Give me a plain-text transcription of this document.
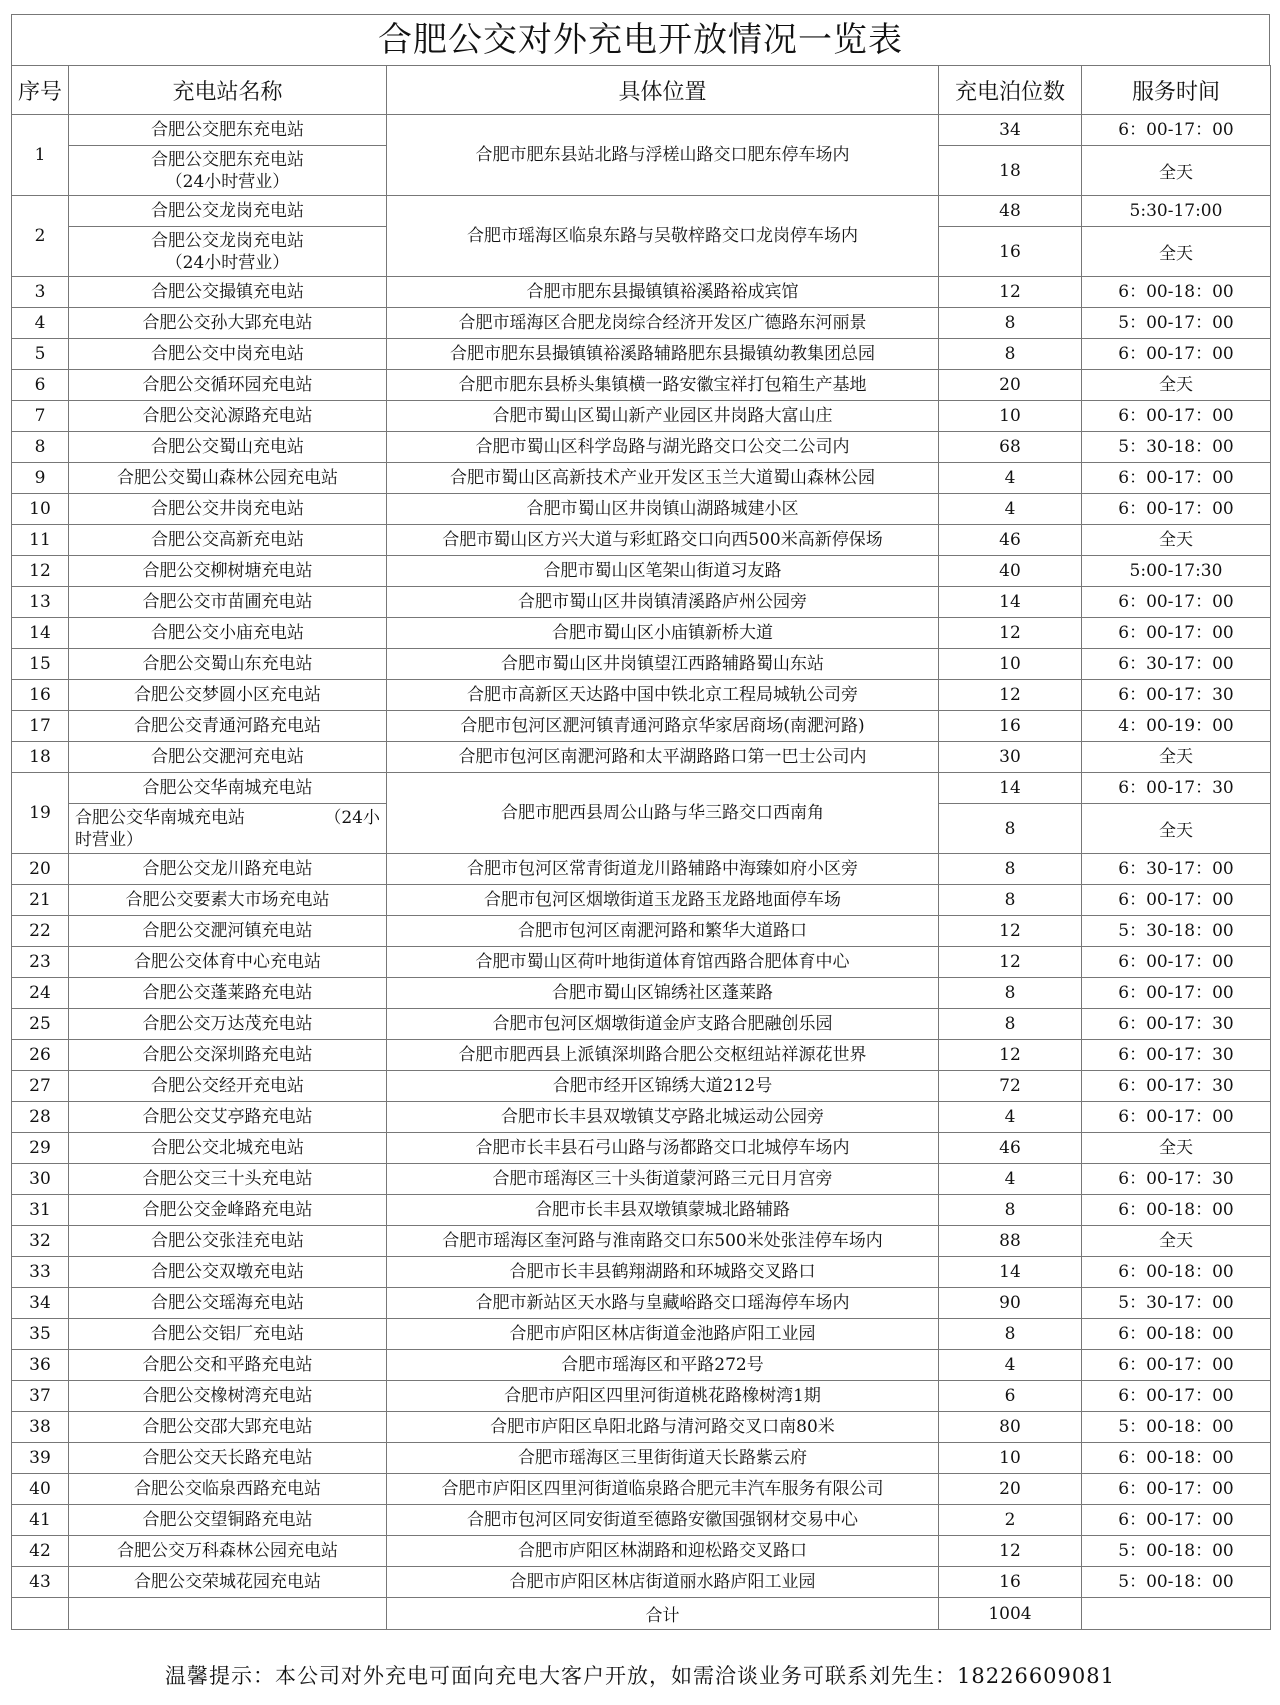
合肥公交对外充电开放情况一览表
序号	充电站名称	具体位置	充电泊位数	服务时间
1	合肥公交肥东充电站	合肥市肥东县站北路与浮槎山路交口肥东停车场内	34	6：00-17：00

	合肥公交肥东充电站
（24小时营业）		18	全天
2	合肥公交龙岗充电站	合肥市瑶海区临泉东路与吴敬梓路交口龙岗停车场内	48	5:30-17:00

	合肥公交龙岗充电站
（24小时营业）		16	全天
3	合肥公交撮镇充电站	合肥市肥东县撮镇镇裕溪路裕成宾馆	12	6：00-18：00
4	合肥公交孙大郢充电站	合肥市瑶海区合肥龙岗综合经济开发区广德路东河丽景	8	5：00-17：00
5	合肥公交中岗充电站	合肥市肥东县撮镇镇裕溪路辅路肥东县撮镇幼教集团总园	8	6：00-17：00
6	合肥公交循环园充电站	合肥市肥东县桥头集镇横一路安徽宝祥打包箱生产基地	20	全天
7	合肥公交沁源路充电站	合肥市蜀山区蜀山新产业园区井岗路大富山庄	10	6：00-17：00
8	合肥公交蜀山充电站	合肥市蜀山区科学岛路与湖光路交口公交二公司内	68	5：30-18：00
9	合肥公交蜀山森林公园充电站	合肥市蜀山区高新技术产业开发区玉兰大道蜀山森林公园	4	6：00-17：00
10	合肥公交井岗充电站	合肥市蜀山区井岗镇山湖路城建小区	4	6：00-17：00
11	合肥公交高新充电站	合肥市蜀山区方兴大道与彩虹路交口向西500米高新停保场	46	全天
12	合肥公交柳树塘充电站	合肥市蜀山区笔架山街道习友路	40	5:00-17:30
13	合肥公交市苗圃充电站	合肥市蜀山区井岗镇清溪路庐州公园旁	14	6：00-17：00
14	合肥公交小庙充电站	合肥市蜀山区小庙镇新桥大道	12	6：00-17：00
15	合肥公交蜀山东充电站	合肥市蜀山区井岗镇望江西路辅路蜀山东站	10	6：30-17：00
16	合肥公交梦圆小区充电站	合肥市高新区天达路中国中铁北京工程局城轨公司旁	12	6：00-17：30
17	合肥公交青通河路充电站	合肥市包河区淝河镇青通河路京华家居商场(南淝河路)	16	4：00-19：00
18	合肥公交淝河充电站	合肥市包河区南淝河路和太平湖路路口第一巴士公司内	30	全天
19	合肥公交华南城充电站	合肥市肥西县周公山路与华三路交口西南角	14	6：00-17：30

	合肥公交华南城充电站 （24小

时营业）		8	全天
20	合肥公交龙川路充电站	合肥市包河区常青街道龙川路辅路中海臻如府小区旁	8	6：30-17：00
21	合肥公交要素大市场充电站	合肥市包河区烟墩街道玉龙路玉龙路地面停车场	8	6：00-17：00
22	合肥公交淝河镇充电站	合肥市包河区南淝河路和繁华大道路口	12	5：30-18：00
23	合肥公交体育中心充电站	合肥市蜀山区荷叶地街道体育馆西路合肥体育中心	12	6：00-17：00
24	合肥公交蓬莱路充电站	合肥市蜀山区锦绣社区蓬莱路	8	6：00-17：00
25	合肥公交万达茂充电站	合肥市包河区烟墩街道金庐支路合肥融创乐园	8	6：00-17：30
26	合肥公交深圳路充电站	合肥市肥西县上派镇深圳路合肥公交枢纽站祥源花世界	12	6：00-17：30
27	合肥公交经开充电站	合肥市经开区锦绣大道212号	72	6：00-17：30
28	合肥公交艾亭路充电站	合肥市长丰县双墩镇艾亭路北城运动公园旁	4	6：00-17：00
29	合肥公交北城充电站	合肥市长丰县石弓山路与汤都路交口北城停车场内	46	全天
30	合肥公交三十头充电站	合肥市瑶海区三十头街道蒙河路三元日月宫旁	4	6：00-17：30
31	合肥公交金峰路充电站	合肥市长丰县双墩镇蒙城北路辅路	8	6：00-18：00
32	合肥公交张洼充电站	合肥市瑶海区奎河路与淮南路交口东500米处张洼停车场内	88	全天
33	合肥公交双墩充电站	合肥市长丰县鹤翔湖路和环城路交叉路口	14	6：00-18：00
34	合肥公交瑶海充电站	合肥市新站区天水路与皇藏峪路交口瑶海停车场内	90	5：30-17：00
35	合肥公交铝厂充电站	合肥市庐阳区林店街道金池路庐阳工业园	8	6：00-18：00
36	合肥公交和平路充电站	合肥市瑶海区和平路272号	4	6：00-17：00
37	合肥公交橡树湾充电站	合肥市庐阳区四里河街道桃花路橡树湾1期	6	6：00-17：00
38	合肥公交邵大郢充电站	合肥市庐阳区阜阳北路与清河路交叉口南80米	80	5：00-18：00
39	合肥公交天长路充电站	合肥市瑶海区三里街街道天长路紫云府	10	6：00-18：00
40	合肥公交临泉西路充电站	合肥市庐阳区四里河街道临泉路合肥元丰汽车服务有限公司	20	6：00-17：00
41	合肥公交望铜路充电站	合肥市包河区同安街道至德路安徽国强钢材交易中心	2	6：00-17：00
42	合肥公交万科森林公园充电站	合肥市庐阳区林湖路和迎松路交叉路口	12	5：00-18：00
43	合肥公交荣城花园充电站	合肥市庐阳区林店街道丽水路庐阳工业园	16	5：00-18：00
		合计	1004	
温馨提示：本公司对外充电可面向充电大客户开放，如需洽谈业务可联系刘先生：18226609081
